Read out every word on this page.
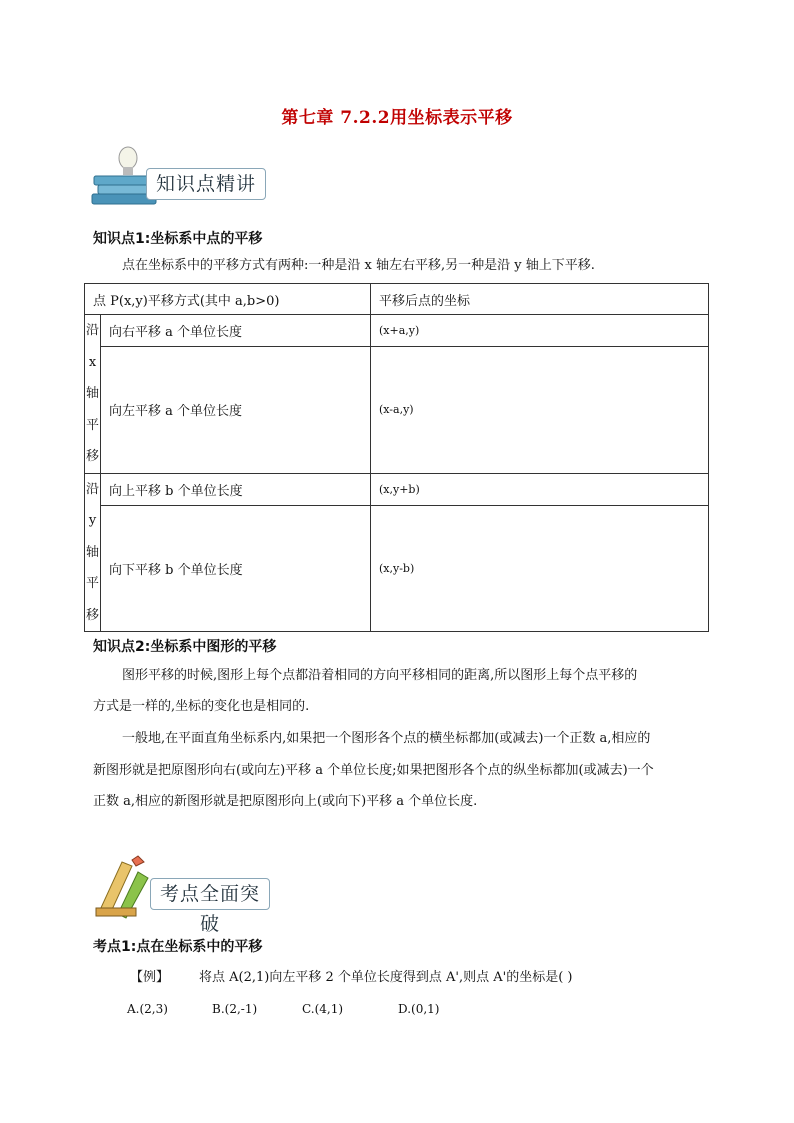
第七章 7.2.2用坐标表示平移
知识点精讲
知识点1:坐标系中点的平移
点在坐标系中的平移方式有两种:一种是沿 x 轴左右平移,另一种是沿 y 轴上下平移.
点 P(x,y)平移方式(其中 a,b>0)		平移后点的坐标

沿
x
轴
平
移	向右平移 a 个单位长度	(x+a,y)
	向左平移 a 个单位长度	(x-a,y)

沿
y
轴
平
移	向上平移 b 个单位长度	(x,y+b)
	向下平移 b 个单位长度	(x,y-b)
知识点2:坐标系中图形的平移
图形平移的时候,图形上每个点都沿着相同的方向平移相同的距离,所以图形上每个点平移的
方式是一样的,坐标的变化也是相同的.
一般地,在平面直角坐标系内,如果把一个图形各个点的横坐标都加(或减去)一个正数 a,相应的
新图形就是把原图形向右(或向左)平移 a 个单位长度;如果把图形各个点的纵坐标都加(或减去)一个
正数 a,相应的新图形就是把原图形向上(或向下)平移 a 个单位长度.
考点全面突破
考点1:点在坐标系中的平移
【例】 将点 A(2,1)向左平移 2 个单位长度得到点 A',则点 A'的坐标是( )
A.(2,3)	B.(2,-1)	C.(4,1)	D.(0,1)
